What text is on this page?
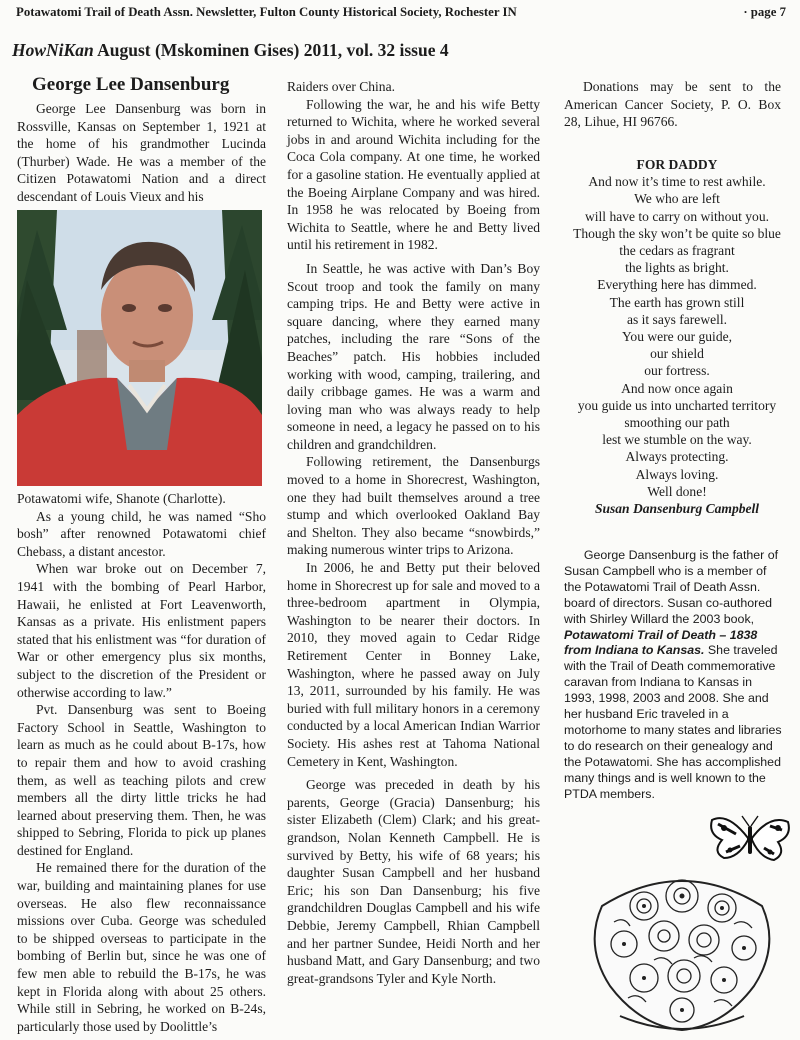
Potawatomi Trail of Death Assn. Newsletter, Fulton County Historical Society, Rochester IN	· page 7
HowNiKan August (Mskominen Gises) 2011, vol. 32 issue 4
George Lee Dansenburg

George Lee Dansenburg was born in Rossville, Kansas on September 1, 1921 at the home of his grandmother Lucinda (Thurber) Wade. He was a member of the Citizen Potawatomi Nation and a direct descendant of Louis Vieux and his

Potawatomi wife, Shanote (Charlotte).

As a young child, he was named “Sho bosh” after renowned Potawatomi chief Chebass, a distant ancestor.

When war broke out on December 7, 1941 with the bombing of Pearl Harbor, Hawaii, he enlisted at Fort Leavenworth, Kansas as a private. His enlistment papers stated that his enlistment was “for duration of War or other emergency plus six months, subject to the discretion of the President or otherwise according to law.”

Pvt. Dansenburg was sent to Boeing Factory School in Seattle, Washington to learn as much as he could about B-17s, how to repair them and how to avoid crashing them, as well as teaching pilots and crew members all the dirty little tricks he had learned about preserving them. Then, he was shipped to Sebring, Florida to pick up planes destined for England.

He remained there for the duration of the war, building and maintaining planes for use overseas. He also flew reconnaissance missions over Cuba. George was scheduled to be shipped overseas to participate in the bombing of Berlin but, since he was one of few men able to rebuild the B-17s, he was kept in Florida along with about 25 others. While still in Sebring, he worked on B-24s, particularly those used by Doolittle’s

Raiders over China.

Following the war, he and his wife Betty returned to Wichita, where he worked several jobs in and around Wichita including for the Coca Cola company. At one time, he worked for a gasoline station. He eventually applied at the Boeing Airplane Company and was hired. In 1958 he was relocated by Boeing from Wichita to Seattle, where he and Betty lived until his retirement in 1982.

In Seattle, he was active with Dan’s Boy Scout troop and took the family on many camping trips. He and Betty were active in square dancing, where they earned many patches, including the rare “Sons of the Beaches” patch. His hobbies included working with wood, camping, trailering, and daily cribbage games. He was a warm and loving man who was always ready to help someone in need, a legacy he passed on to his children and grandchildren.

Following retirement, the Dansenburgs moved to a home in Shorecrest, Washington, one they had built themselves around a tree stump and which overlooked Oakland Bay and Shelton. They also became “snowbirds,” making numerous winter trips to Arizona.

In 2006, he and Betty put their beloved home in Shorecrest up for sale and moved to a three-bedroom apartment in Olympia, Washington to be nearer their doctors. In 2010, they moved again to Cedar Ridge Retirement Center in Bonney Lake, Washington, where he passed away on July 13, 2011, surrounded by his family. He was buried with full military honors in a ceremony conducted by a local American Indian Warrior Society. His ashes rest at Tahoma National Cemetery in Kent, Washington.

George was preceded in death by his parents, George (Gracia) Dansenburg; his sister Elizabeth (Clem) Clark; and his great-grandson, Nolan Kenneth Campbell. He is survived by Betty, his wife of 68 years; his daughter Susan Campbell and her husband Eric; his son Dan Dansenburg; his five grandchildren Douglas Campbell and his wife Debbie, Jeremy Campbell, Rhian Campbell and her partner Sundee, Heidi North and her husband Matt, and Gary Dansenburg; and two great-grandsons Tyler and Kyle North.

Donations may be sent to the American Cancer Society, P. O. Box 28, Lihue, HI 96766.

FOR DADDY
And now it’s time to rest awhile.
We who are left
will have to carry on without you.
Though the sky won’t be quite so blue
the cedars as fragrant
the lights as bright.
Everything here has dimmed.
The earth has grown still
as it says farewell.
You were our guide,
our shield
our fortress.
And now once again
you guide us into uncharted territory
smoothing our path
lest we stumble on the way.
Always protecting.
Always loving.
Well done!
Susan Dansenburg Campbell

George Dansenburg is the father of Susan Campbell who is a member of the Potawatomi Trail of Death Assn. board of directors. Susan co-authored with Shirley Willard the 2003 book, Potawatomi Trail of Death – 1838 from Indiana to Kansas. She traveled with the Trail of Death commemorative caravan from Indiana to Kansas in 1993, 1998, 2003 and 2008. She and her husband Eric traveled in a motorhome to many states and libraries to do research on their genealogy and the Potawatomi. She has accomplished many things and is well known to the PTDA members.
